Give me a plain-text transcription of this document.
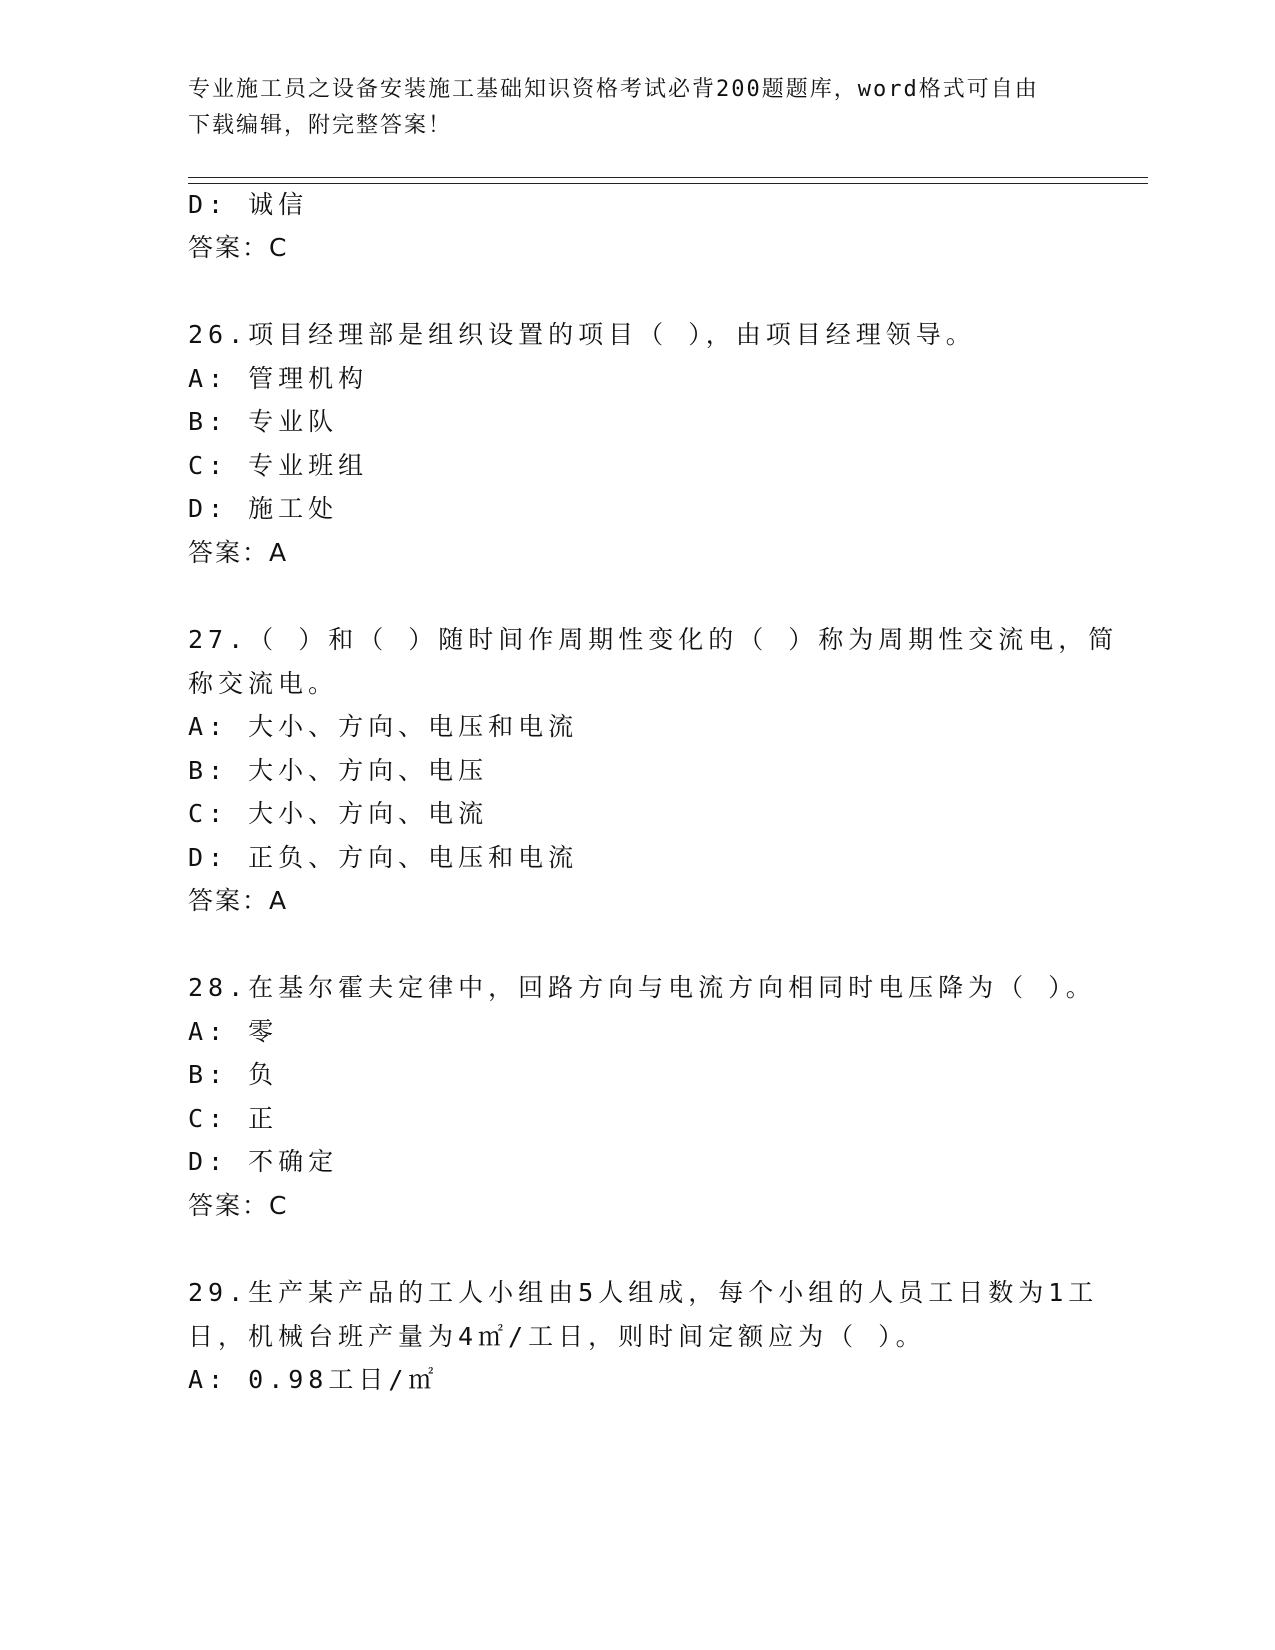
专业施工员之设备安装施工基础知识资格考试必背200题题库，word格式可自由
下载编辑，附完整答案！
D: 诚信
答案：C
26.项目经理部是组织设置的项目（ ），由项目经理领导。
A: 管理机构
B: 专业队
C: 专业班组
D: 施工处
答案：A
27.（ ）和（ ）随时间作周期性变化的（ ）称为周期性交流电，简
称交流电。
A: 大小、方向、电压和电流
B: 大小、方向、电压
C: 大小、方向、电流
D: 正负、方向、电压和电流
答案：A
28.在基尔霍夫定律中，回路方向与电流方向相同时电压降为（ ）。
A: 零
B: 负
C: 正
D: 不确定
答案：C
29.生产某产品的工人小组由5人组成，每个小组的人员工日数为1工
日，机械台班产量为4㎡/工日，则时间定额应为（ ）。
A: 0.98工日/㎡
